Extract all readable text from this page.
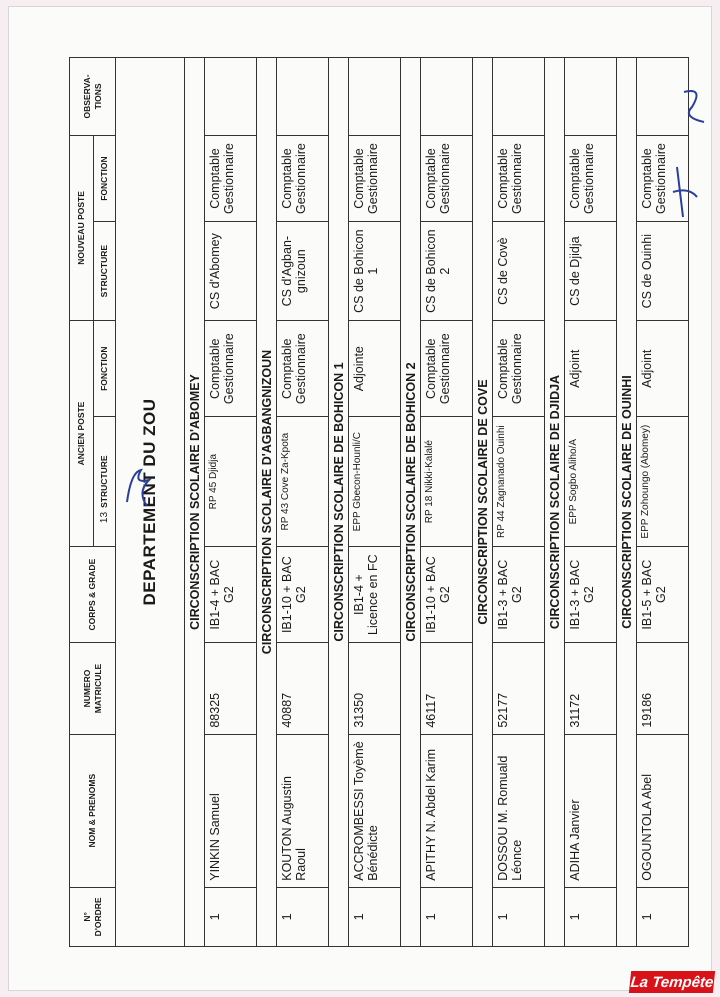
N° D'ORDRE	NOM & PRENOMS	NUMERO MATRICULE	CORPS & GRADE	ANCIEN POSTE		NOUVEAU POSTE		OBSERVA-TIONS
				STRUCTURE	FONCTION	STRUCTURE	FONCTION	
DEPARTEMENT DU ZOU								
CIRCONSCRIPTION SCOLAIRE D'ABOMEY								
1	YINKIN Samuel	88325	IB1-4 + BAC G2	RP 45 Djidja	Comptable Gestionnaire	CS d'Abomey	Comptable Gestionnaire	
CIRCONSCRIPTION SCOLAIRE D'AGBANGNIZOUN								
1	KOUTON Augustin Raoul	40887	IB1-10 + BAC G2	RP 43 Cove Za-Kpota	Comptable Gestionnaire	CS d'Agban-gnizoun	Comptable Gestionnaire	
CIRCONSCRIPTION SCOLAIRE DE BOHICON 1								
1	ACCROMBESSI Toyèmè Bénédicte	31350	IB1-4 + Licence en FC	EPP Gbecon-Hounli/C	Adjointe	CS de Bohicon 1	Comptable Gestionnaire	
CIRCONSCRIPTION SCOLAIRE DE BOHICON 2								
1	APITHY N. Abdel Karim	46117	IB1-10 + BAC G2	RP 18 Nikki-Kalalé	Comptable Gestionnaire	CS de Bohicon 2	Comptable Gestionnaire	
CIRCONSCRIPTION SCOLAIRE DE COVE								
1	DOSSOU M. Romuald Léonce	52177	IB1-3 + BAC G2	RP 44 Zagnanado Ouinhi	Comptable Gestionnaire	CS de Covè	Comptable Gestionnaire	
CIRCONSCRIPTION SCOLAIRE DE DJIDJA								
1	ADIHA Janvier	31172	IB1-3 + BAC G2	EPP Sogbo Aliho/A	Adjoint	CS de Djidja	Comptable Gestionnaire	
CIRCONSCRIPTION SCOLAIRE DE OUINHI								
1	OGOUNTOLA Abel	19186	IB1-5 + BAC G2	EPP Zohoungo (Abomey)	Adjoint	CS de Ouinhi	Comptable Gestionnaire	
13
La Tempête
